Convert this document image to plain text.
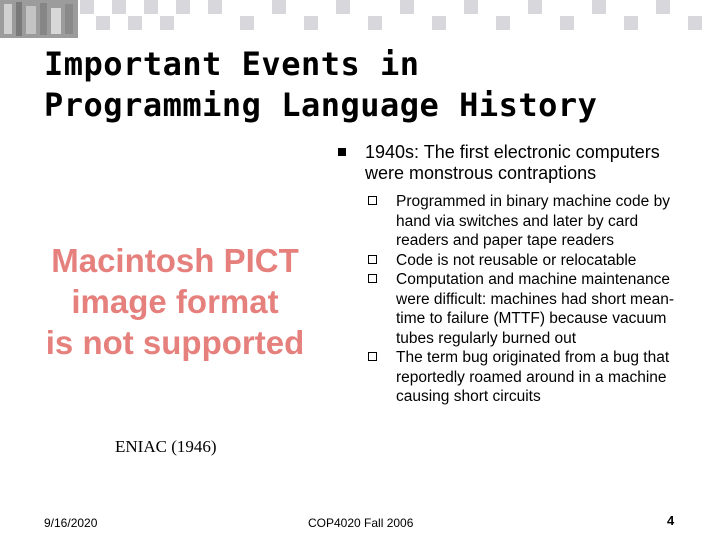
Important Events in
Programming Language History
Macintosh PICT
image format
is not supported
ENIAC (1946)
1940s: The first electronic computers were monstrous contraptions
Programmed in binary machine code by hand via switches and later by card readers and paper tape readers
Code is not reusable or relocatable
Computation and machine maintenance were difficult: machines had short mean-time to failure (MTTF) because vacuum tubes regularly burned out
The term bug originated from a bug that reportedly roamed around in a machine causing short circuits
9/16/2020	COP4020 Fall 2006	4
